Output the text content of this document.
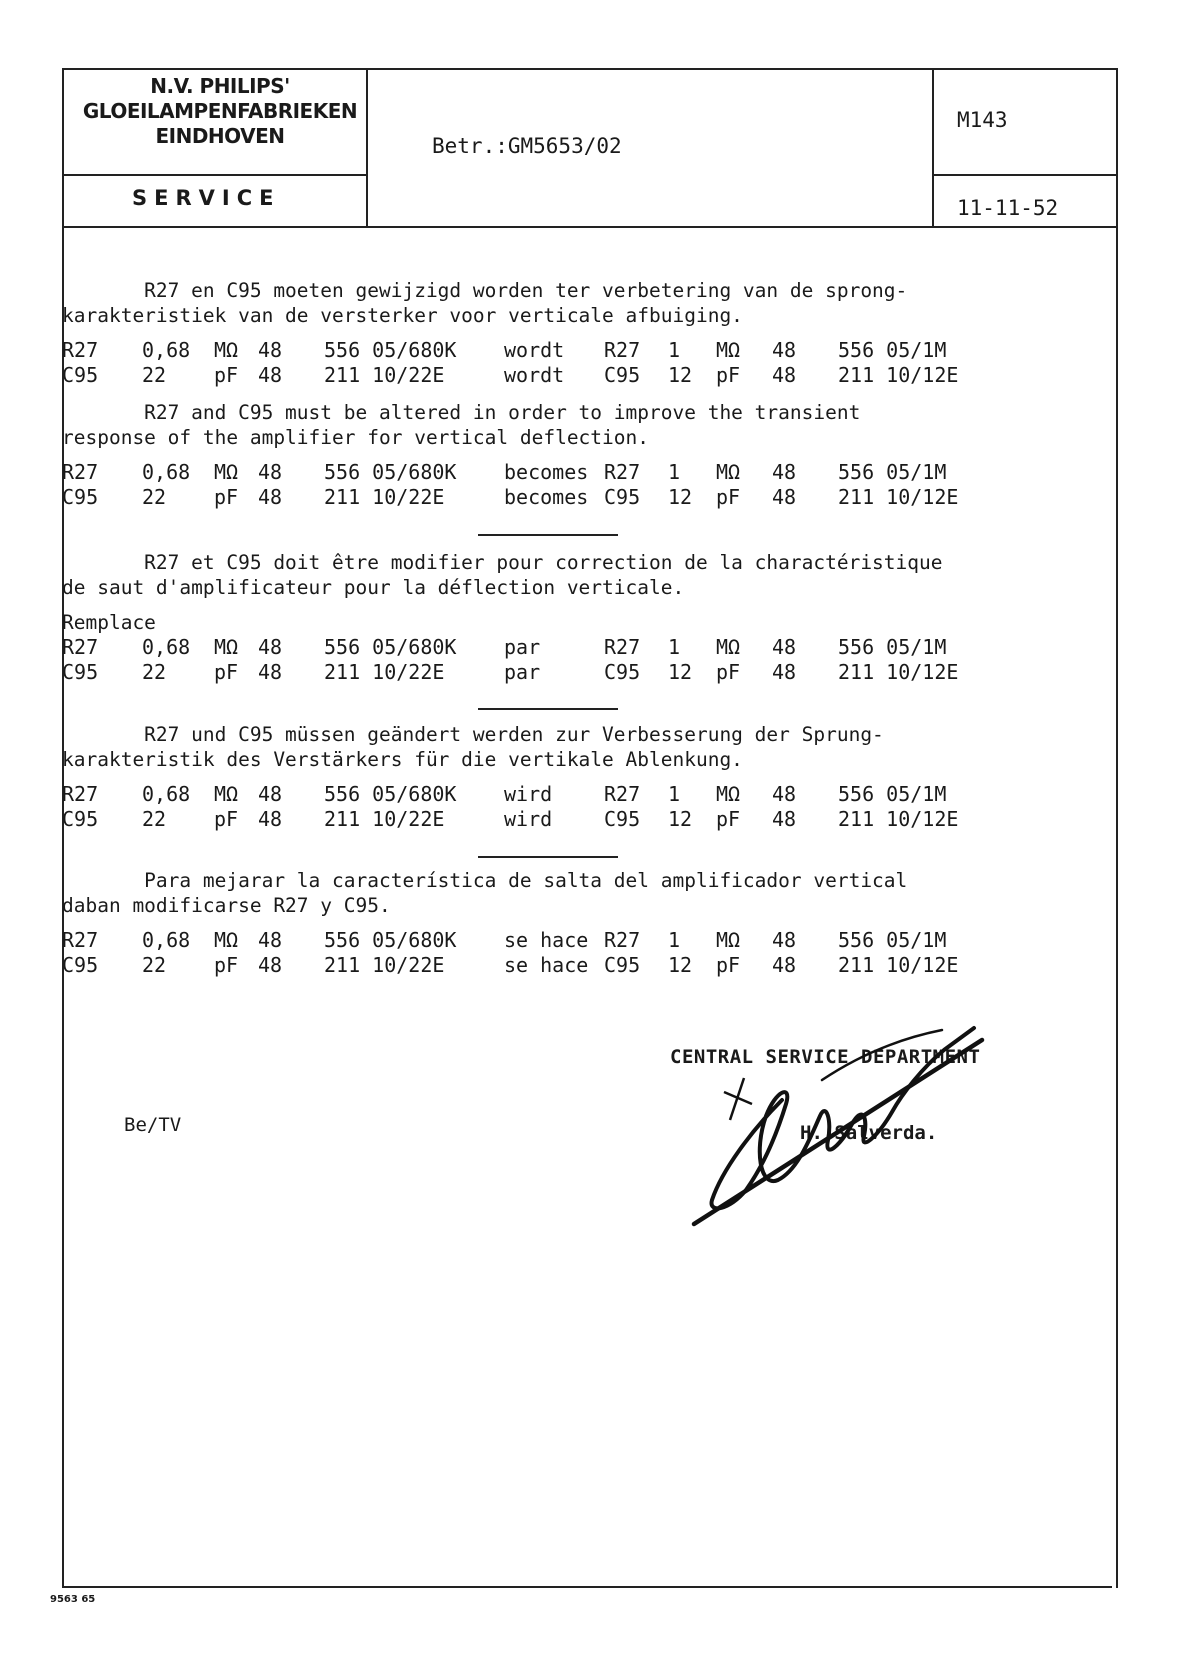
N.V. PHILIPS'
GLOEILAMPENFABRIEKEN
EINDHOVEN
SERVICE
Betr.:GM5653/02
M143
11-11-52
R27 en C95 moeten gewijzigd worden ter verbetering van de sprong-
karakteristiek van de versterker voor verticale afbuiging.
R27	0,68	MΩ 48	556 05/680K	wordt	R27	1	MΩ	48	556 05/1M
C95	22	pF 48	211 10/22E	wordt	C95	12	pF	48	211 10/12E
R27 and C95 must be altered in order to improve the transient
response of the amplifier for vertical deflection.
R27	0,68	MΩ 48	556 05/680K	becomes R27	1	MΩ	48	556 05/1M
C95	22	pF 48	211 10/22E	becomes C95	12	pF	48	211 10/12E
R27 et C95 doit être modifier pour correction de la charactéristique
de saut d'amplificateur pour la déflection verticale.
Remplace
R27	0,68	MΩ 48	556 05/680K	par	R27	1	MΩ	48	556 05/1M
C95	22	pF 48	211 10/22E	par	C95	12	pF	48	211 10/12E
R27 und C95 müssen geändert werden zur Verbesserung der Sprung-
karakteristik des Verstärkers für die vertikale Ablenkung.
R27	0,68	MΩ 48	556 05/680K	wird	R27	1	MΩ	48	556 05/1M
C95	22	pF 48	211 10/22E	wird	C95	12	pF	48	211 10/12E
Para mejarar la característica de salta del amplificador vertical
daban modificarse R27 y C95.
R27	0,68	MΩ 48	556 05/680K	se hace R27	1	MΩ	48	556 05/1M
C95	22	pF 48	211 10/22E	se hace C95	12	pF	48	211 10/12E
CENTRAL SERVICE DEPARTMENT
H. Salverda.
Be/TV
9563 65
